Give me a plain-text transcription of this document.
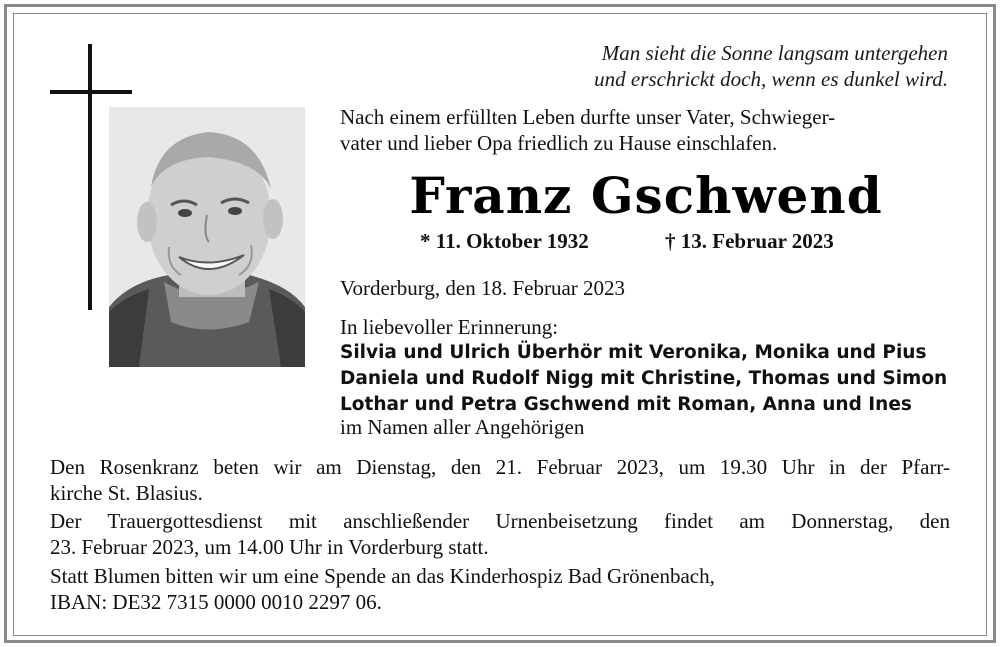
Man sieht die Sonne langsam untergehen
und erschrickt doch, wenn es dunkel wird.
Nach einem erfüllten Leben durfte unser Vater, Schwieger-
vater und lieber Opa friedlich zu Hause einschlafen.
Franz Gschwend
* 11. Oktober 1932	† 13. Februar 2023
Vorderburg, den 18. Februar 2023
In liebevoller Erinnerung:
Silvia und Ulrich Überhör mit Veronika, Monika und Pius
Daniela und Rudolf Nigg mit Christine, Thomas und Simon
Lothar und Petra Gschwend mit Roman, Anna und Ines
im Namen aller Angehörigen
Den Rosenkranz beten wir am Dienstag, den 21. Februar 2023, um 19.30 Uhr in der Pfarr-
kirche St. Blasius.
Der Trauergottesdienst mit anschließender Urnenbeisetzung findet am Donnerstag, den
23. Februar 2023, um 14.00 Uhr in Vorderburg statt.
Statt Blumen bitten wir um eine Spende an das Kinderhospiz Bad Grönenbach,
IBAN: DE32 7315 0000 0010 2297 06.
